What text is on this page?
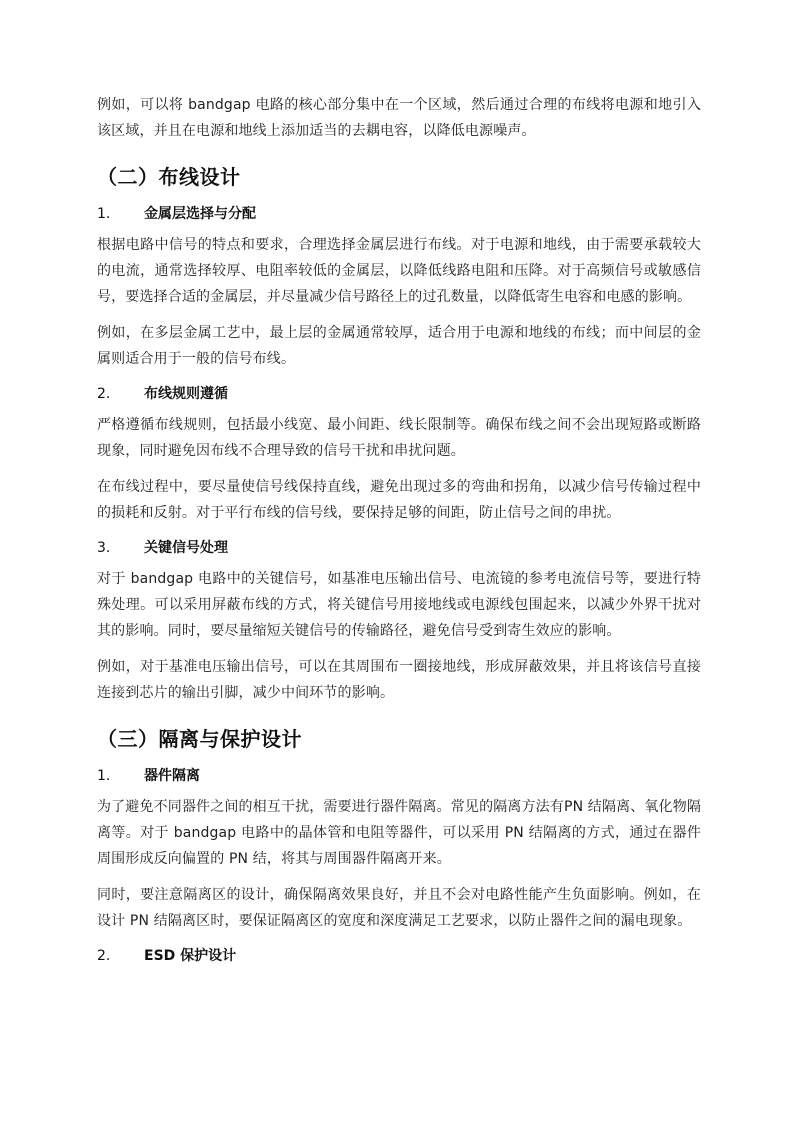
例如，可以将 bandgap 电路的核心部分集中在一个区域，然后通过合理的布线将电源和地引入该区域，并且在电源和地线上添加适当的去耦电容，以降低电源噪声。

（二）布线设计
1.	金属层选择与分配

根据电路中信号的特点和要求，合理选择金属层进行布线。对于电源和地线，由于需要承载较大的电流，通常选择较厚、电阻率较低的金属层，以降低线路电阻和压降。对于高频信号或敏感信号，要选择合适的金属层，并尽量减少信号路径上的过孔数量，以降低寄生电容和电感的影响。

例如，在多层金属工艺中，最上层的金属通常较厚，适合用于电源和地线的布线；而中间层的金属则适合用于一般的信号布线。

2.	布线规则遵循

严格遵循布线规则，包括最小线宽、最小间距、线长限制等。确保布线之间不会出现短路或断路现象，同时避免因布线不合理导致的信号干扰和串扰问题。

在布线过程中，要尽量使信号线保持直线，避免出现过多的弯曲和拐角，以减少信号传输过程中的损耗和反射。对于平行布线的信号线，要保持足够的间距，防止信号之间的串扰。

3.	关键信号处理

对于 bandgap 电路中的关键信号，如基准电压输出信号、电流镜的参考电流信号等，要进行特殊处理。可以采用屏蔽布线的方式，将关键信号用接地线或电源线包围起来，以减少外界干扰对其的影响。同时，要尽量缩短关键信号的传输路径，避免信号受到寄生效应的影响。

例如，对于基准电压输出信号，可以在其周围布一圈接地线，形成屏蔽效果，并且将该信号直接连接到芯片的输出引脚，减少中间环节的影响。

（三）隔离与保护设计
1.	器件隔离

为了避免不同器件之间的相互干扰，需要进行器件隔离。常见的隔离方法有PN 结隔离、氧化物隔离等。对于 bandgap 电路中的晶体管和电阻等器件，可以采用 PN 结隔离的方式，通过在器件周围形成反向偏置的 PN 结，将其与周围器件隔离开来。

同时，要注意隔离区的设计，确保隔离效果良好，并且不会对电路性能产生负面影响。例如，在设计 PN 结隔离区时，要保证隔离区的宽度和深度满足工艺要求，以防止器件之间的漏电现象。

2.	ESD 保护设计
